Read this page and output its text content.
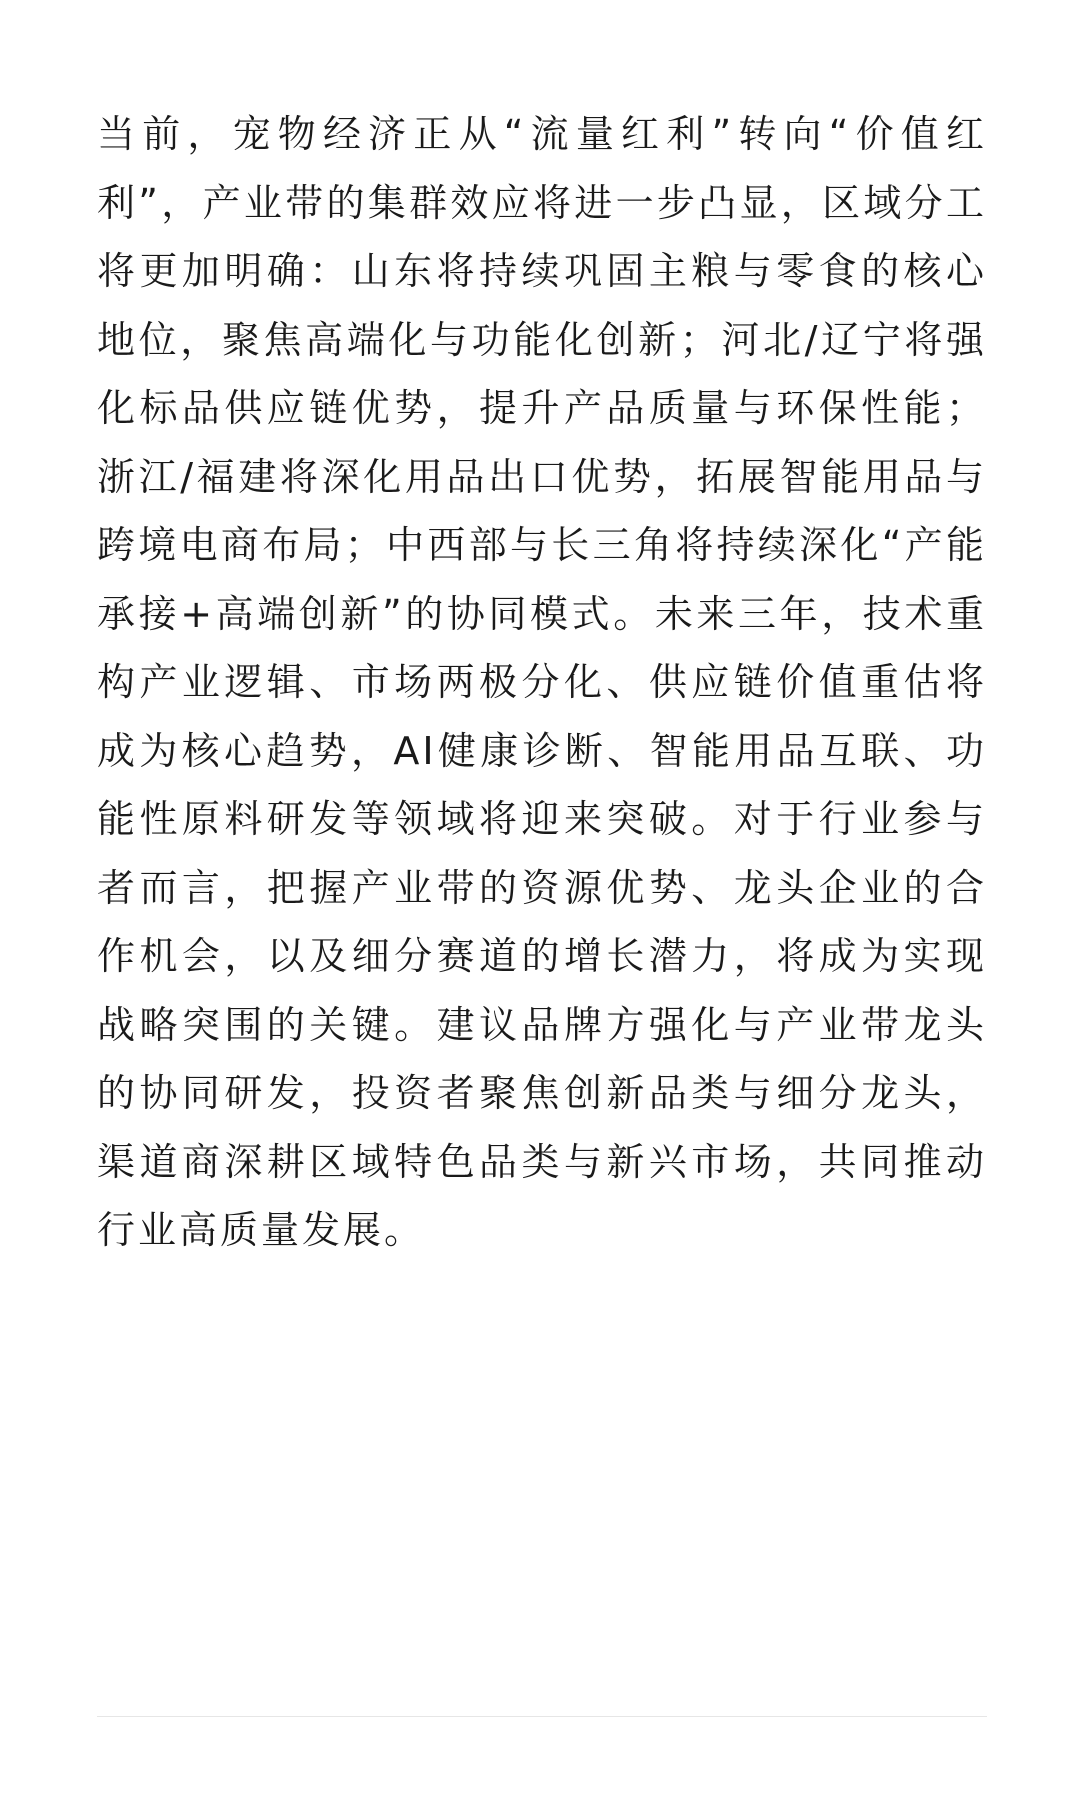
当前，宠物经济正从“流量红利”转向“价值红利”，产业带的集群效应将进一步凸显，区域分工将更加明确：山东将持续巩固主粮与零食的核心地位，聚焦高端化与功能化创新；河北/辽宁将强化标品供应链优势，提升产品质量与环保性能；浙江/福建将深化用品出口优势，拓展智能用品与跨境电商布局；中西部与长三角将持续深化“产能承接+高端创新”的协同模式。未来三年，技术重构产业逻辑、市场两极分化、供应链价值重估将成为核心趋势，AI健康诊断、智能用品互联、功能性原料研发等领域将迎来突破。对于行业参与者而言，把握产业带的资源优势、龙头企业的合作机会，以及细分赛道的增长潜力，将成为实现战略突围的关键。建议品牌方强化与产业带龙头的协同研发，投资者聚焦创新品类与细分龙头，渠道商深耕区域特色品类与新兴市场，共同推动行业高质量发展。
